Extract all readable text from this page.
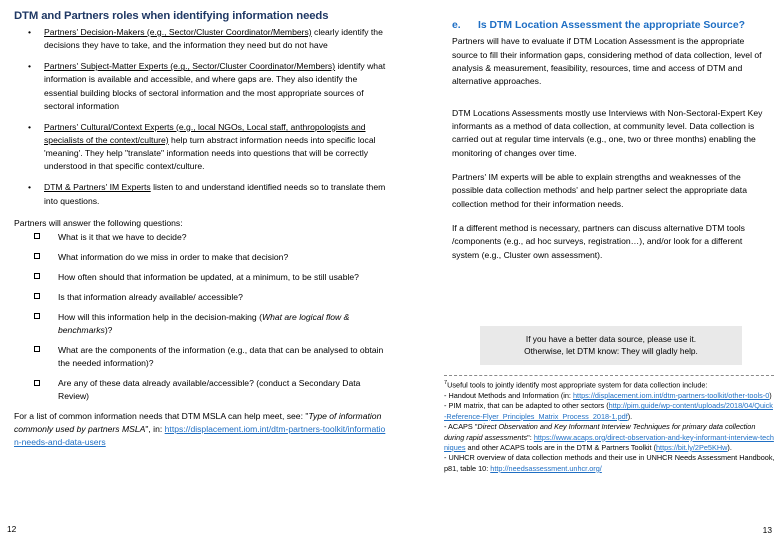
DTM and Partners roles when identifying information needs
• Partners' Decision-Makers (e.g., Sector/Cluster Coordinator/Members) clearly identify the decisions they have to take, and the information they need but do not have
• Partners' Subject-Matter Experts (e.g., Sector/Cluster Coordinator/Members) identify what information is available and accessible, and where gaps are. They also identify the essential building blocks of sectoral information and the most appropriate sources of sectoral information
• Partners' Cultural/Context Experts (e.g., local NGOs, Local staff, anthropologists and specialists of the context/culture) help turn abstract information needs into specific local 'meaning'. They help "translate" information needs into questions that will be correctly understood in that specific context/culture.
• DTM & Partners' IM Experts listen to and understand identified needs so to translate them into questions.
Partners will answer the following questions:
What is it that we have to decide?
What information do we miss in order to make that decision?
How often should that information be updated, at a minimum, to be still usable?
Is that information already available/ accessible?
How will this information help in the decision-making (What are logical flow & benchmarks)?
What are the components of the information (e.g., data that can be analysed to obtain the needed information)?
Are any of these data already available/accessible? (conduct a Secondary Data Review)
For a list of common information needs that DTM MSLA can help meet, see: "Type of information commonly used by partners MSLA", in: https://displacement.iom.int/dtm-partners-toolkit/information-needs-and-data-users
12
e. Is DTM Location Assessment the appropriate Source?

Partners will have to evaluate if DTM Location Assessment is the appropriate source to fill their information gaps, considering method of data collection, level of analysis & measurement, feasibility, resources, time and access of DTM and alternative approaches.

DTM Locations Assessments mostly use Interviews with Non-Sectoral-Expert Key informants as a method of data collection, at community level. Data collection is carried out at regular time intervals (e.g., one, two or three months) enabling the monitoring of changes over time.

Partners' IM experts will be able to explain strengths and weaknesses of the possible data collection methods' and help partner select the appropriate data collection method for their information needs.

If a different method is necessary, partners can discuss alternative DTM tools /components (e.g., ad hoc surveys, registration…), and/or look for a different system (e.g., Cluster own assessment).

If you have a better data source, please use it.
Otherwise, let DTM know: They will gladly help.

$^7$Useful tools to jointly identify most appropriate system for data collection include:

- Handout Methods and Information (in: https://displacement.iom.int/dtm-partners-toolkit/other-tools-0)

- PIM matrix, that can be adapted to other sectors (http://pim.guide/wp-content/uploads/2018/04/Quick-Reference-Flyer_Principles_Matrix_Process_2018-1.pdf).

- ACAPS "Direct Observation and Key Informant Interview Techniques for primary data collection during rapid assessments": https://www.acaps.org/direct-observation-and-key-informant-interview-techniques and other ACAPS tools are in the DTM & Partners Toolkit (https://bit.ly/2Pe5KHw).

- UNHCR overview of data collection methods and their use in UNHCR Needs Assessment Handbook, p81, table 10: http://needsassessment.unhcr.org/

13
